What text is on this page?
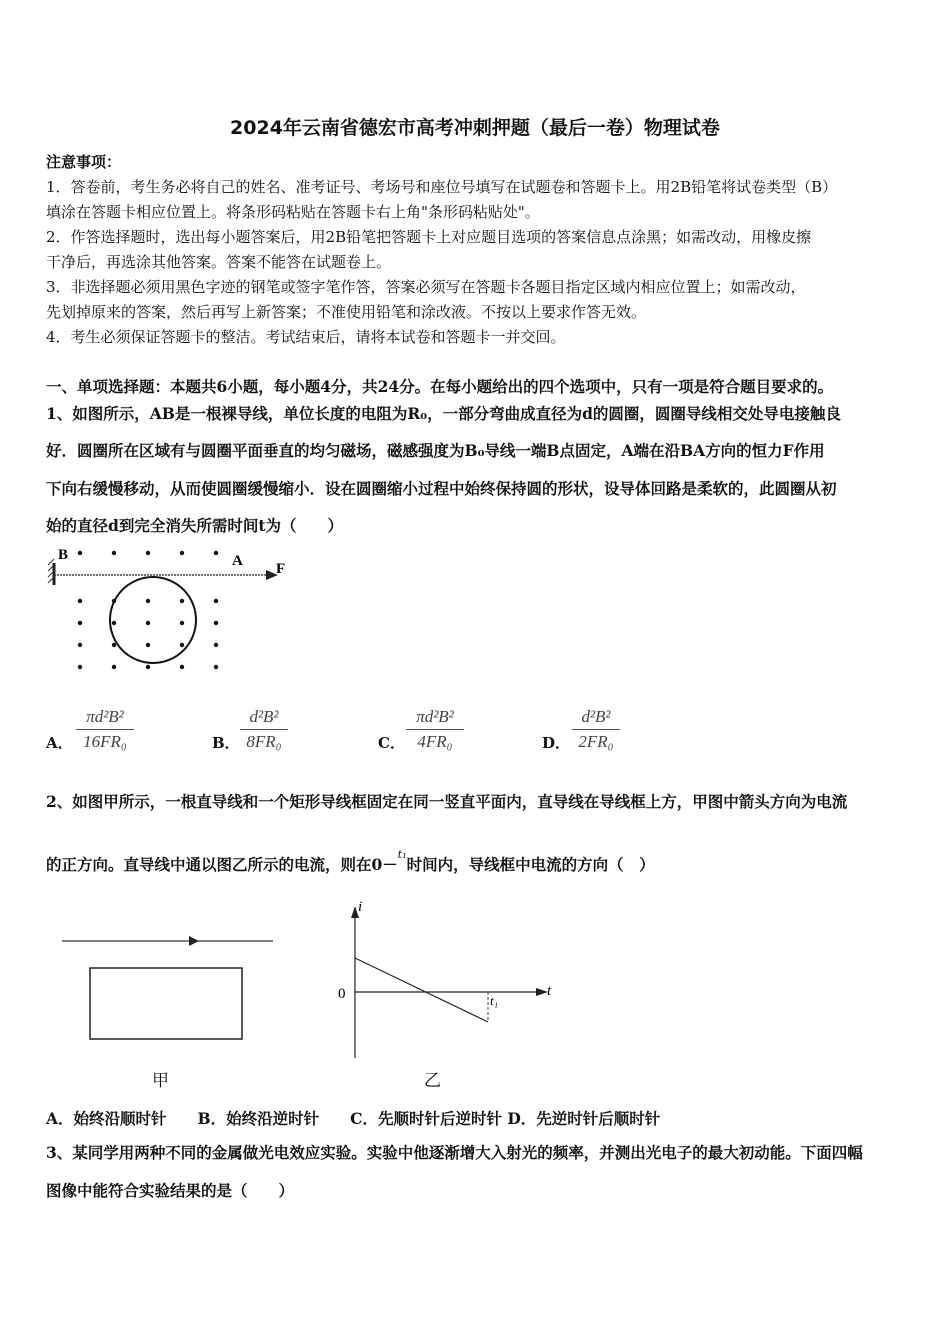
2024年云南省德宏市高考冲刺押题（最后一卷）物理试卷
注意事项：
1．答卷前，考生务必将自己的姓名、准考证号、考场号和座位号填写在试题卷和答题卡上。用2B铅笔将试卷类型（B）
填涂在答题卡相应位置上。将条形码粘贴在答题卡右上角"条形码粘贴处"。
2．作答选择题时，选出每小题答案后，用2B铅笔把答题卡上对应题目选项的答案信息点涂黑；如需改动，用橡皮擦
干净后，再选涂其他答案。答案不能答在试题卷上。
3．非选择题必须用黑色字迹的钢笔或签字笔作答，答案必须写在答题卡各题目指定区域内相应位置上；如需改动，
先划掉原来的答案，然后再写上新答案；不准使用铅笔和涂改液。不按以上要求作答无效。
4．考生必须保证答题卡的整洁。考试结束后，请将本试卷和答题卡一并交回。
一、单项选择题：本题共6小题，每小题4分，共24分。在每小题给出的四个选项中，只有一项是符合题目要求的。
1、如图所示，AB是一根裸导线，单位长度的电阻为R₀，一部分弯曲成直径为d的圆圈，圆圈导线相交处导电接触良
好．圆圈所在区域有与圆圈平面垂直的均匀磁场，磁感强度为B₀导线一端B点固定，A端在沿BA方向的恒力F作用
下向右缓慢移动，从而使圆圈缓慢缩小．设在圆圈缩小过程中始终保持圆的形状，设导体回路是柔软的，此圆圈从初
始的直径d到完全消失所需时间t为（　　）
B	A F
A．
πd²B²
16FR₀	B．
d²B²
8FR₀	C．
πd²B²
4FR₀	D．
d²B²
2FR₀
2、如图甲所示，一根直导线和一个矩形导线框固定在同一竖直平面内，直导线在导线框上方，甲图中箭头方向为电流
的正方向。直导线中通以图乙所示的电流，则在0－$^{t_1}$时间内，导线框中电流的方向（　）
甲
i
t
0	t₁
乙
A．始终沿顺时针　　B．始终沿逆时针　　C．先顺时针后逆时针 D．先逆时针后顺时针
3、某同学用两种不同的金属做光电效应实验。实验中他逐渐增大入射光的频率，并测出光电子的最大初动能。下面四幅
图像中能符合实验结果的是（　　）
